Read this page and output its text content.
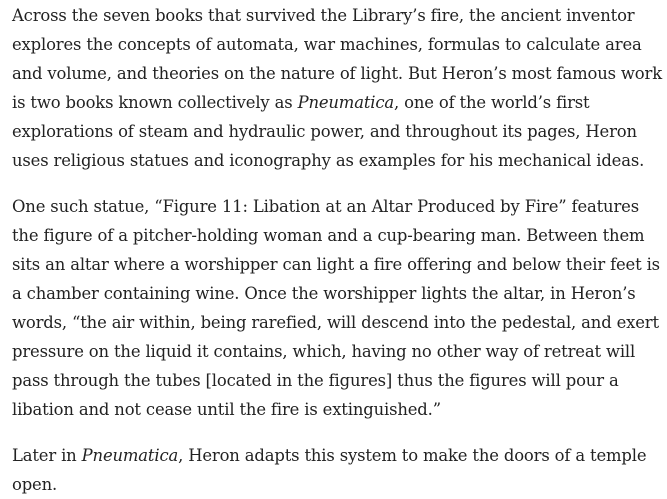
Across the seven books that survived the Library’s fire, the ancient inventor explores the concepts of automata, war machines, formulas to calculate area and volume, and theories on the nature of light. But Heron’s most famous work is two books known collectively as Pneumatica, one of the world’s first explorations of steam and hydraulic power, and throughout its pages, Heron uses religious statues and iconography as examples for his mechanical ideas.

One such statue, “Figure 11: Libation at an Altar Produced by Fire” features the figure of a pitcher-holding woman and a cup-bearing man. Between them sits an altar where a worshipper can light a fire offering and below their feet is a chamber containing wine. Once the worshipper lights the altar, in Heron’s words, “the air within, being rarefied, will descend into the pedestal, and exert pressure on the liquid it contains, which, having no other way of retreat will pass through the tubes [located in the figures] thus the figures will pour a libation and not cease until the fire is extinguished.”

Later in Pneumatica, Heron adapts this system to make the doors of a temple open.
